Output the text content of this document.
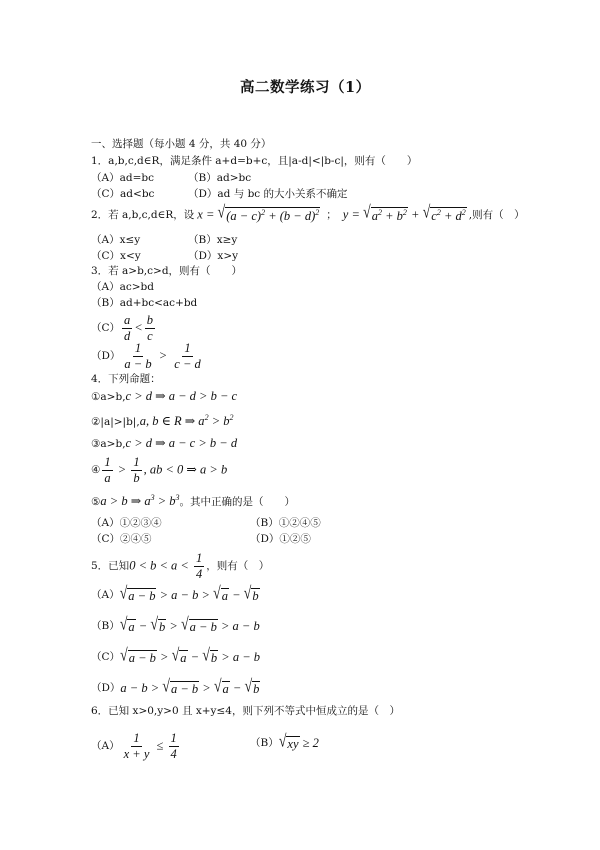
高二数学练习（1）
一、选择题（每小题 4 分，共 40 分）
1．a,b,c,d∈R，满足条件 a+d=b+c，且|a-d|<|b-c|，则有（　　）
（A）ad=bc	（B）ad>bc
（C）ad<bc	（D）ad 与 bc 的大小关系不确定
2．若 a,b,c,d∈R，设 x = √ $(a - c)^2 + (b - d)^2$ ； y = √ $a^2 + b^2$ + √ $c^2 + d^2$ ,则有（　）
（A）x≤y	（B）x≥y
（C）x<y	（D）x>y
3．若 a>b,c>d，则有（　　）
（A）ac>bd
（B）ad+bc<ac+bd
$(C) \frac{a}{d} < \frac{b}{c}$
$(D) \frac{1}{a - b} > \frac{1}{c - d}$
4．下列命题：
①a>b,c > d ⇒ a − d > b − c
②|a|>|b|,a, b ∈ R ⇒ $a^2 > b^2$
③a>b,c > d ⇒ a − c > b − d
④ $\frac{1}{a} > \frac{1}{b}$ , ab < 0 ⇒ a > b
⑤a > b ⇒ $a^3 > b^3$。其中正确的是（　　）
（A）①②③④	（B）①②④⑤
（C）②④⑤	（D）①②⑤
5．已知 $0 < b < a < \frac{1}{4}$ ，则有（　）
（A） √ a − b > a − b > √ a − √ b
（B） √ a − √ b > √ a − b > a − b
（C） √ a − b > √ a − √ b > a − b
（D） a − b > √ a − b > √ a − √ b
6．已知 x>0,y>0 且 x+y≤4，则下列不等式中恒成立的是（　）
$(A) \frac{1}{x + y} \le \frac{1}{4}$	（B） √ xy ≥ 2
